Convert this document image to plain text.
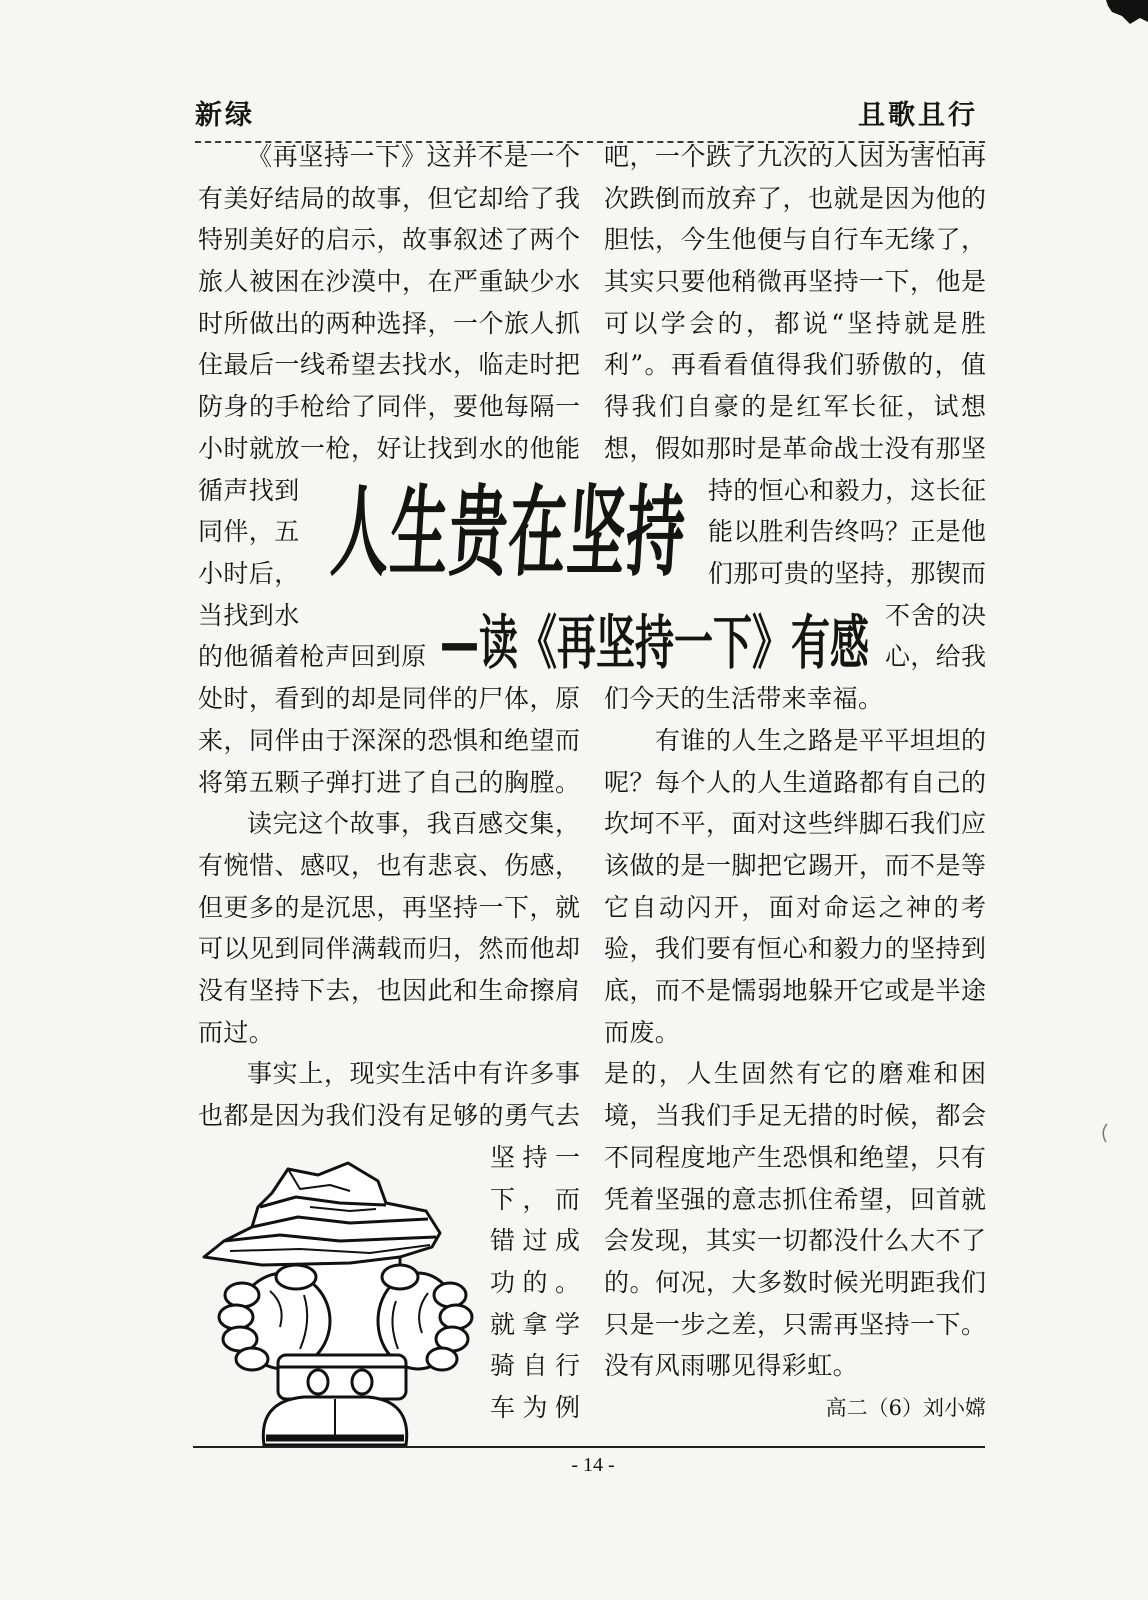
新绿	且歌且行
《再坚持一下》这并不是一个
有美好结局的故事，但它却给了我
特别美好的启示，故事叙述了两个
旅人被困在沙漠中，在严重缺少水
时所做出的两种选择，一个旅人抓
住最后一线希望去找水，临走时把
防身的手枪给了同伴，要他每隔一
小时就放一枪，好让找到水的他能
循声找到
同伴，五
小时后，
当找到水
的他循着枪声回到原
处时，看到的却是同伴的尸体，原
来，同伴由于深深的恐惧和绝望而
将第五颗子弹打进了自己的胸膛。
读完这个故事，我百感交集，
有惋惜、感叹，也有悲哀、伤感，
但更多的是沉思，再坚持一下，就
可以见到同伴满载而归，然而他却
没有坚持下去，也因此和生命擦肩
而过。
事实上，现实生活中有许多事
也都是因为我们没有足够的勇气去
坚持一
下，而
错过成
功的。
就拿学
骑自行
车为例
吧，一个跌了九次的人因为害怕再
次跌倒而放弃了，也就是因为他的
胆怯，今生他便与自行车无缘了，
其实只要他稍微再坚持一下，他是
可以学会的，都说“坚持就是胜
利”。再看看值得我们骄傲的，值
得我们自豪的是红军长征，试想
想，假如那时是革命战士没有那坚
持的恒心和毅力，这长征
能以胜利告终吗？正是他
们那可贵的坚持，那锲而
不舍的决
心，给我
们今天的生活带来幸福。
有谁的人生之路是平平坦坦的
呢？每个人的人生道路都有自己的
坎坷不平，面对这些绊脚石我们应
该做的是一脚把它踢开，而不是等
它自动闪开，面对命运之神的考
验，我们要有恒心和毅力的坚持到
底，而不是懦弱地躲开它或是半途
而废。
是的，人生固然有它的磨难和困
境，当我们手足无措的时候，都会
不同程度地产生恐惧和绝望，只有
凭着坚强的意志抓住希望，回首就
会发现，其实一切都没什么大不了
的。何况，大多数时候光明距我们
只是一步之差，只需再坚持一下。
没有风雨哪见得彩虹。
人生贵在坚持
—读《再坚持一下》有感
高二（6）刘小嫦
- 14 -
